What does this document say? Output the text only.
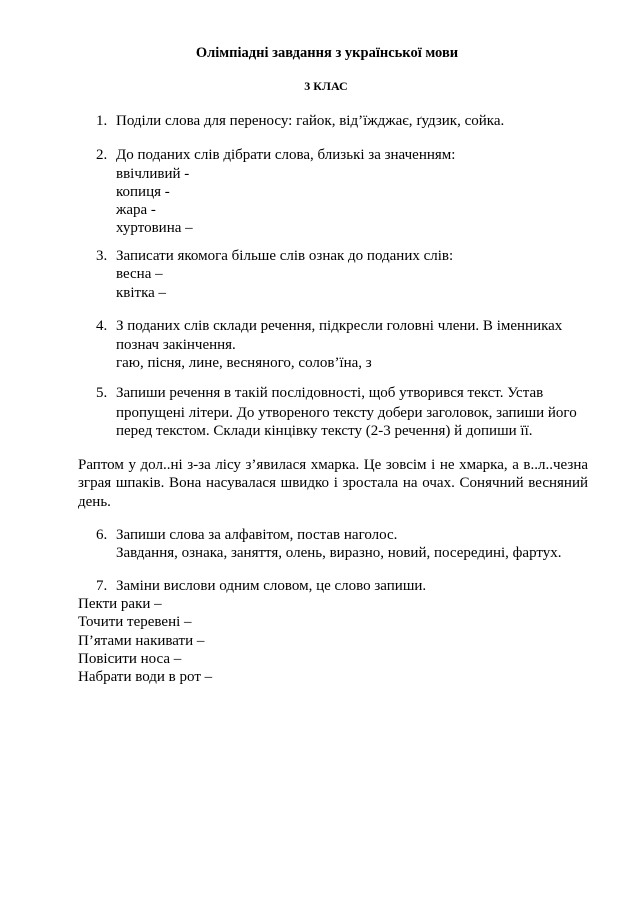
Олімпіадні завдання з української мови
3 КЛАС
1. Поділи слова для переносу: гайок, від’їжджає, ґудзик, сойка.
2. До поданих слів дібрати слова, близькі за значенням:
ввічливий -
копиця -
жара -
хуртовина –
3. Записати якомога більше слів ознак до поданих слів:
весна –
квітка –
4. З поданих слів склади речення, підкресли головні члени. В іменниках
познач закінчення.
гаю, пісня, лине, весняного, солов’їна, з
5. Запиши речення в такій послідовності, щоб утворився текст. Устав
пропущені літери. До утвореного тексту добери заголовок, запиши його
перед текстом. Склади кінцівку тексту (2-3 речення) й допиши її.
Раптом у дол..ні з-за лісу з’явилася хмарка. Це зовсім і не хмарка, а в..л..чезна
зграя шпаків. Вона насувалася швидко і зростала на очах. Сонячний весняний
день.
6. Запиши слова за алфавітом, постав наголос.
Завдання, ознака, заняття, олень, виразно, новий, посередині, фартух.
7. Заміни вислови одним словом, це слово запиши.
Пекти раки –
Точити теревені –
П’ятами накивати –
Повісити носа –
Набрати води в рот –
